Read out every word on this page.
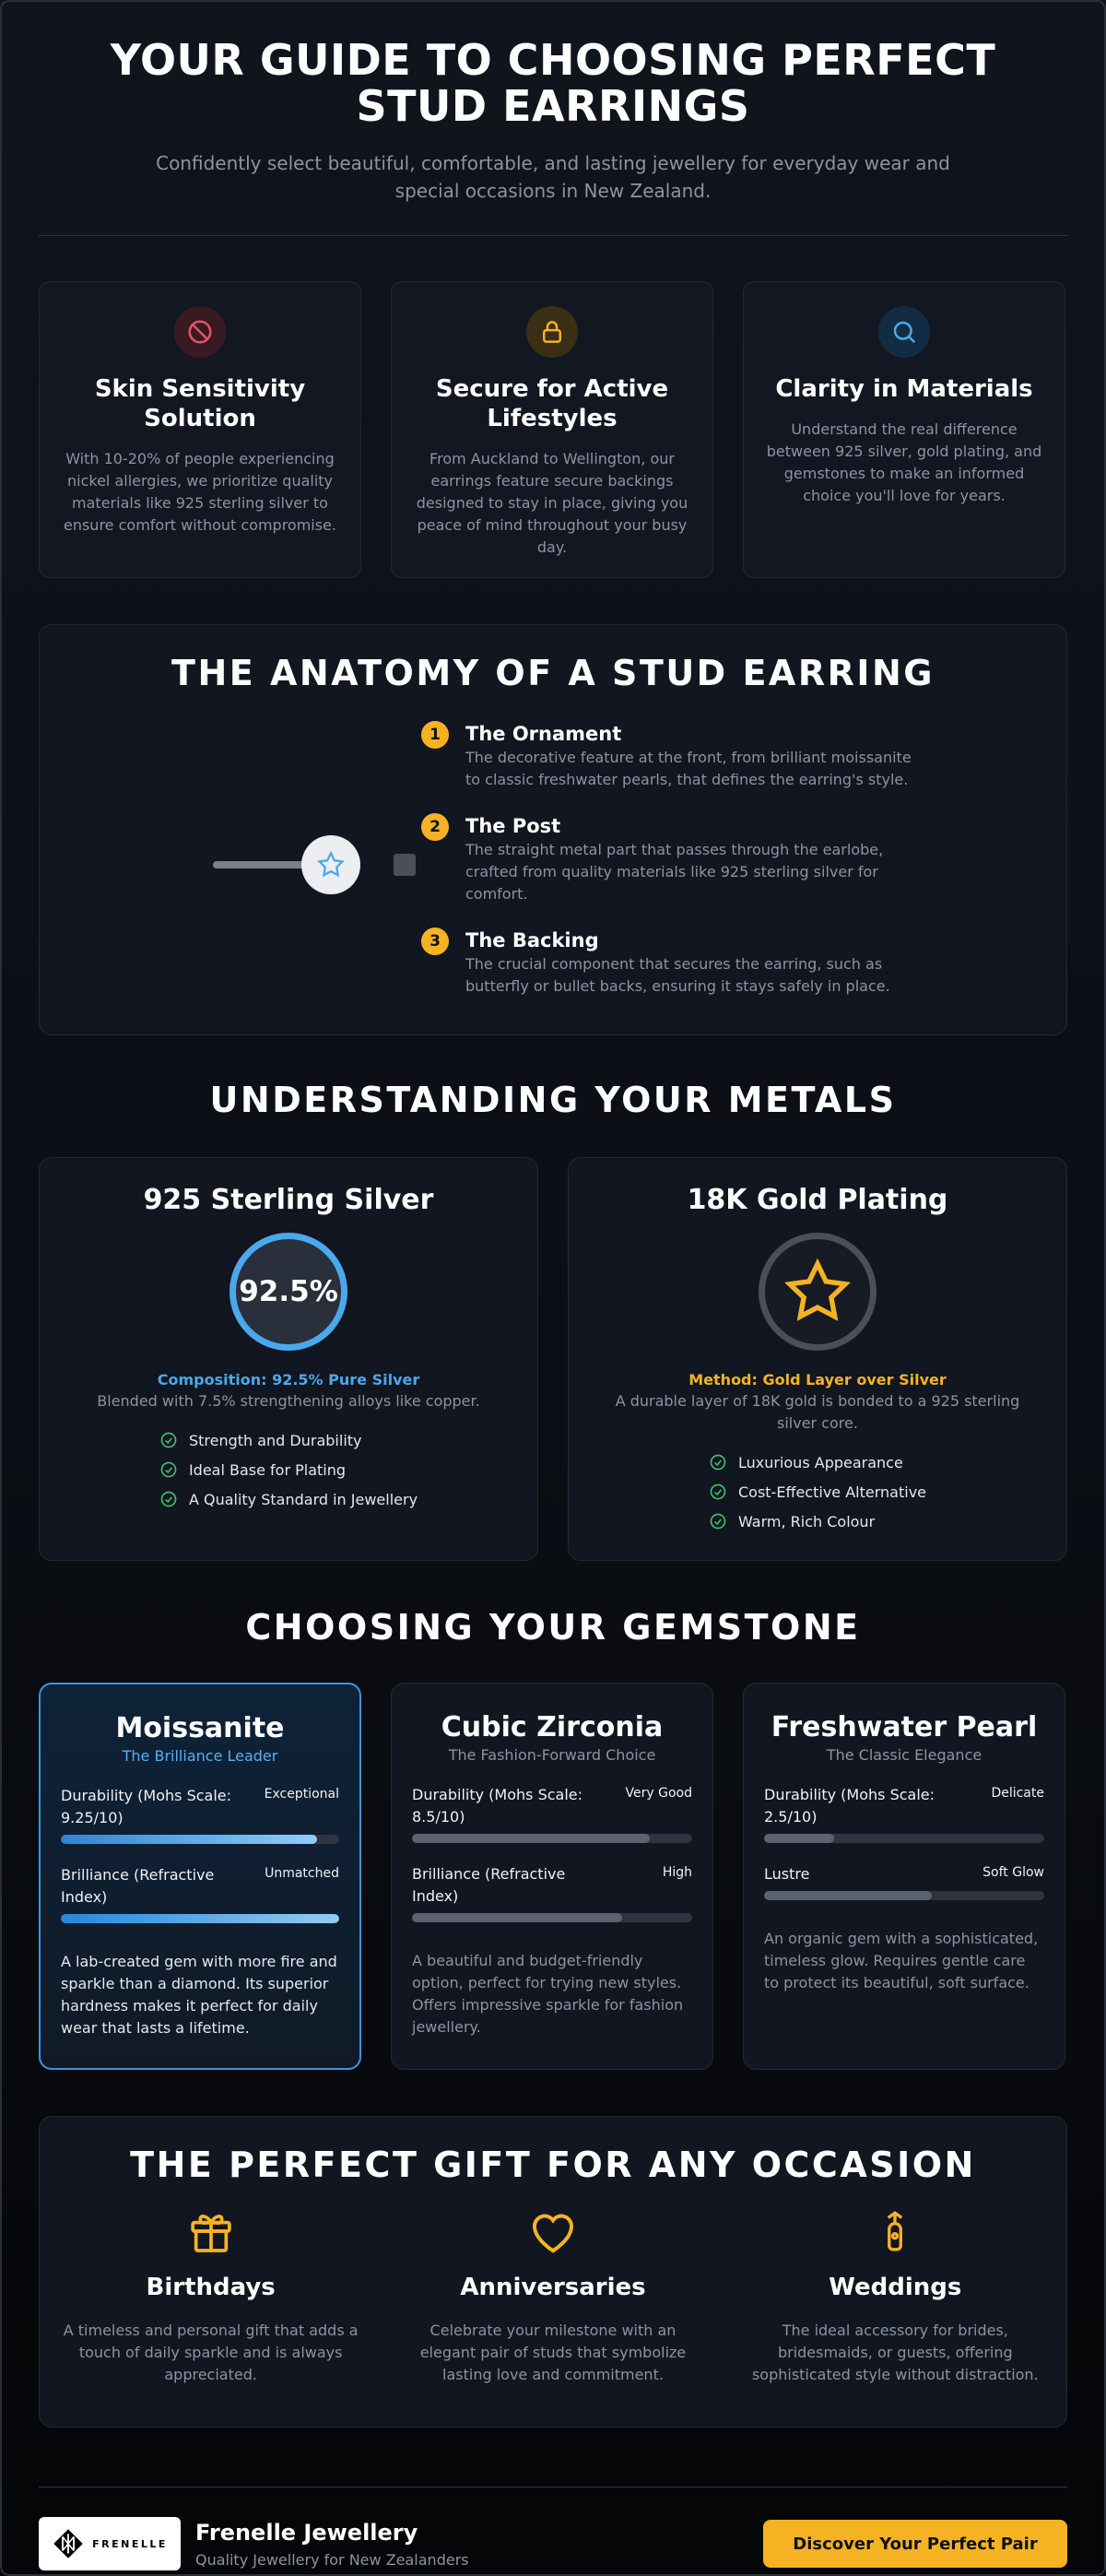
YOUR GUIDE TO CHOOSING PERFECT STUD EARRINGS

Confidently select beautiful, comfortable, and lasting jewellery for everyday wear and special occasions in New Zealand.

Skin Sensitivity Solution
With 10-20% of people experiencing nickel allergies, we prioritize quality materials like 925 sterling silver to ensure comfort without compromise.
Secure for Active Lifestyles
From Auckland to Wellington, our earrings feature secure backings designed to stay in place, giving you peace of mind throughout your busy day.
Clarity in Materials
Understand the real difference between 925 silver, gold plating, and gemstones to make an informed choice you'll love for years.
THE ANATOMY OF A STUD EARRING
1	The Ornament
The decorative feature at the front, from brilliant moissanite to classic freshwater pearls, that defines the earring's style.
2	The Post
The straight metal part that passes through the earlobe, crafted from quality materials like 925 sterling silver for comfort.
3	The Backing
The crucial component that secures the earring, such as butterfly or bullet backs, ensuring it stays safely in place.
UNDERSTANDING YOUR METALS
925 Sterling Silver
92.5%
Composition: 92.5% Pure Silver
Blended with 7.5% strengthening alloys like copper.
Strength and Durability
Ideal Base for Plating
A Quality Standard in Jewellery
18K Gold Plating
Method: Gold Layer over Silver
A durable layer of 18K gold is bonded to a 925 sterling silver core.
Luxurious Appearance
Cost-Effective Alternative
Warm, Rich Colour
CHOOSING YOUR GEMSTONE
Moissanite
The Brilliance Leader
Durability (Mohs Scale: 9.25/10)
Exceptional
Brilliance (Refractive Index)
Unmatched
A lab-created gem with more fire and sparkle than a diamond. Its superior hardness makes it perfect for daily wear that lasts a lifetime.
Cubic Zirconia
The Fashion-Forward Choice
Durability (Mohs Scale: 8.5/10)
Very Good
Brilliance (Refractive Index)
High
A beautiful and budget-friendly option, perfect for trying new styles. Offers impressive sparkle for fashion jewellery.
Freshwater Pearl
The Classic Elegance
Durability (Mohs Scale: 2.5/10)
Delicate
Lustre	Soft Glow
An organic gem with a sophisticated, timeless glow. Requires gentle care to protect its beautiful, soft surface.
THE PERFECT GIFT FOR ANY OCCASION
Birthdays
A timeless and personal gift that adds a touch of daily sparkle and is always appreciated.
Anniversaries
Celebrate your milestone with an elegant pair of studs that symbolize lasting love and commitment.
Weddings
The ideal accessory for brides, bridesmaids, or guests, offering sophisticated style without distraction.
FRENELLE Frenelle Jewellery
Quality Jewellery for New Zealanders
Discover Your Perfect Pair
